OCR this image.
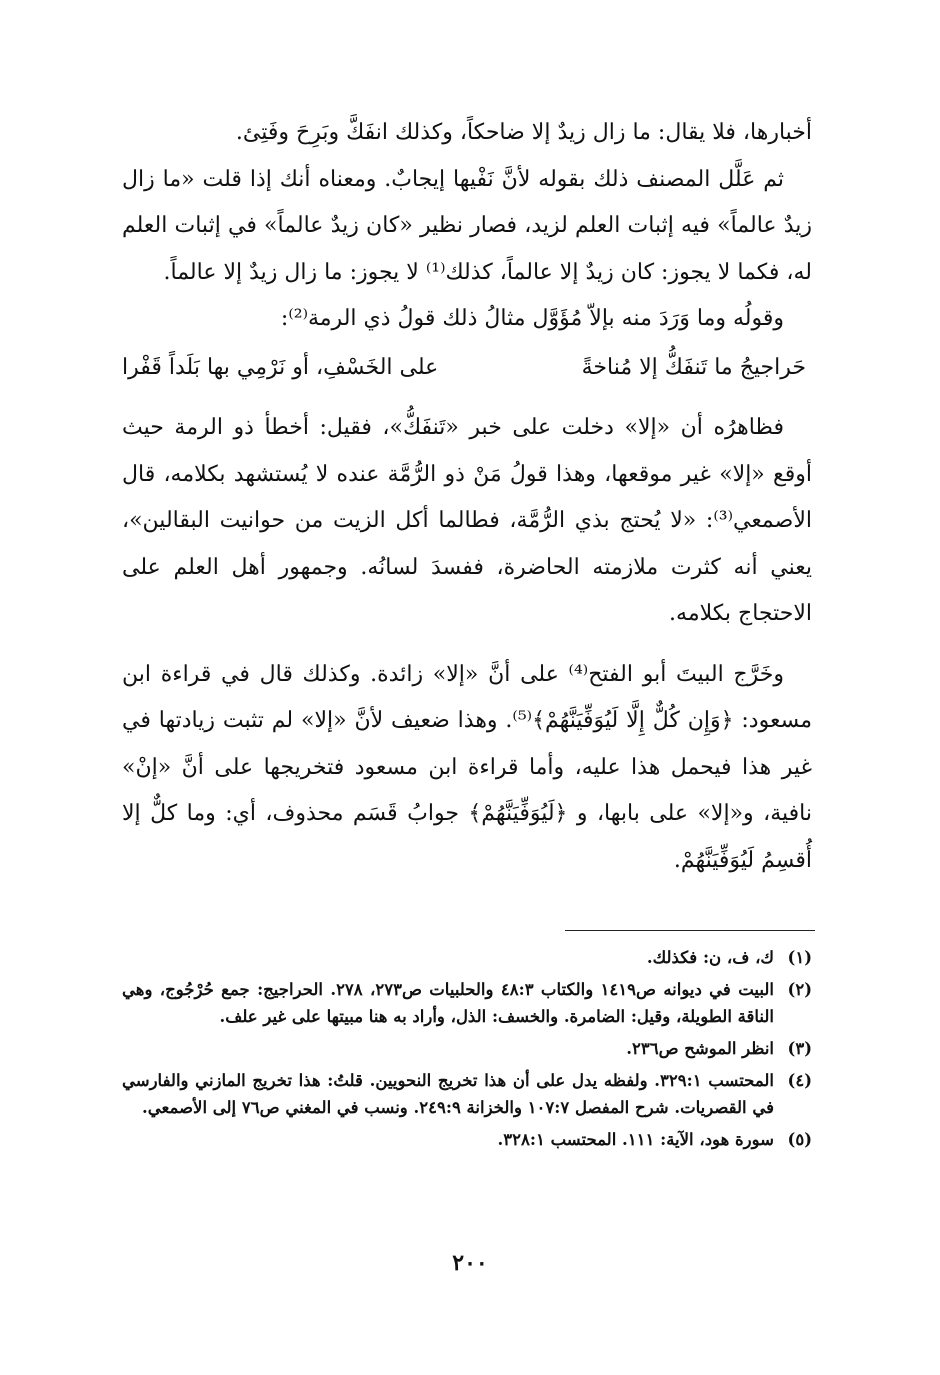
أخبارها، فلا يقال: ما زال زيدٌ إلا ضاحكاً، وكذلك انفَكَّ وبَرِحَ وفَتِئ.

ثم عَلَّل المصنف ذلك بقوله لأنَّ نَفْيها إيجابٌ. ومعناه أنك إذا قلت «ما زال زيدٌ عالماً» فيه إثبات العلم لزيد، فصار نظير «كان زيدٌ عالماً» في إثبات العلم له، فكما لا يجوز: كان زيدٌ إلا عالماً، كذلك⁽¹⁾ لا يجوز: ما زال زيدٌ إلا عالماً.

وقولُه وما وَرَدَ منه بإلاّ مُؤَوَّل مثالُ ذلك قولُ ذي الرمة⁽²⁾:

حَراجيجُ ما تَنفَكُّ إلا مُناخةً
على الخَسْفِ، أو نَرْمِي بها بَلَداً قَفْرا

فظاهرُه أن «إلا» دخلت على خبر «تَنفَكُّ»، فقيل: أخطأ ذو الرمة حيث أوقع «إلا» غير موقعها، وهذا قولُ مَنْ ذو الرُّمَّة عنده لا يُستشهد بكلامه، قال الأصمعي⁽³⁾: «لا يُحتج بذي الرُّمَّة، فطالما أكل الزيت من حوانيت البقالين»، يعني أنه كثرت ملازمته الحاضرة، ففسدَ لسانُه. وجمهور أهل العلم على الاحتجاج بكلامه.

وخَرَّج البيتَ أبو الفتح⁽⁴⁾ على أنَّ «إلا» زائدة. وكذلك قال في قراءة ابن مسعود: ﴿وَإِن كُلٌّ إِلَّا لَيُوَفِّيَنَّهُمْ﴾⁽⁵⁾. وهذا ضعيف لأنَّ «إلا» لم تثبت زيادتها في غير هذا فيحمل هذا عليه، وأما قراءة ابن مسعود فتخريجها على أنَّ «إنْ» نافية، و«إلا» على بابها، و ﴿لَيُوَفِّيَنَّهُمْ﴾ جوابُ قَسَم محذوف، أي: وما كلٌّ إلا أُقسِمُ لَيُوَفِّيَنَّهُمْ.

(١)
ك، ف، ن: فكذلك.
(٢)
البيت في ديوانه ص١٤١٩ والكتاب ٤٨:٣ والحلبيات ص٢٧٣، ٢٧٨. الحراجيج: جمع حُرْجُوج، وهي الناقة الطويلة، وقيل: الضامرة. والخسف: الذل، وأراد به هنا مبيتها على غير علف.
(٣)
انظر الموشح ص٢٣٦.
(٤)
المحتسب ٣٢٩:١. ولفظه يدل على أن هذا تخريج النحويين. قلتُ: هذا تخريج المازني والفارسي في القصريات. شرح المفصل ١٠٧:٧ والخزانة ٢٤٩:٩. ونسب في المغني ص٧٦ إلى الأصمعي.
(٥)
سورة هود، الآية: ١١١. المحتسب ٣٢٨:١.
٢٠٠
